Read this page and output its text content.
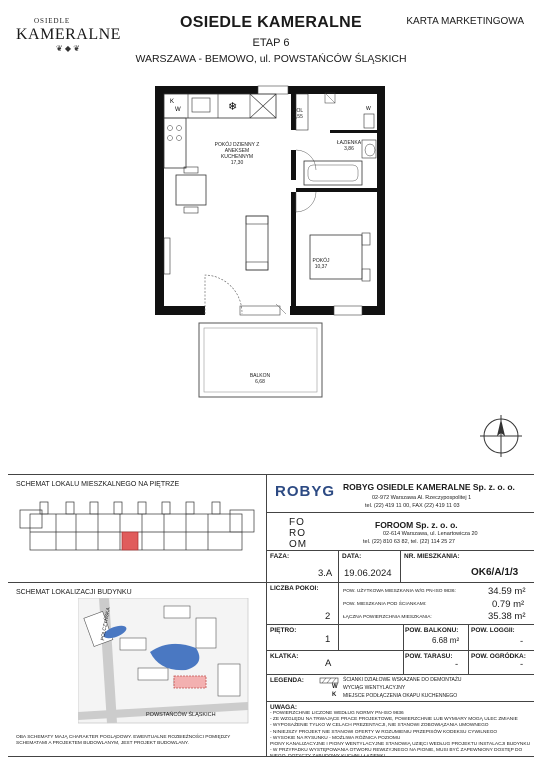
OSIEDLE
KAMERALNE
❦ ◆ ❦
OSIEDLE KAMERALNE	KARTA MARKETINGOWA
ETAP 6
WARSZAWA - BEMOWO, ul. POWSTAŃCÓW ŚLĄSKICH
K
W	❄	W
POKÓJ DZIENNY Z
ANEKSEM
KUCHENNYM
17,30
HOL
2,55
ŁAZIENKA
3,86
POKÓJ
10,37
BALKON
6,68
SCHEMAT LOKALU MIESZKALNEGO NA PIĘTRZE
SCHEMAT LOKALIZACJI BUDYNKU
POLCZYŃSKA
POWSTAŃCÓW ŚLĄSKICH
OBA SCHEMATY MAJĄ CHARAKTER POGLĄDOWY. EWENTUALNE ROZBIEŻNOŚCI POMIĘDZY SCHEMATAMI A PROJEKTEM BUDOWLANYM, JEST PROJEKT BUDOWLANY.
ROBYG ROBYG OSIEDLE KAMERALNE Sp. z. o. o.
02-972 Warszawa Al. Rzeczypospolitej 1
tel. (22) 419 11 00, FAX (22) 419 11 03
FO
RO
OM
FOROOM Sp. z. o. o.
02-614 Warszawa, ul. Lenartowicza 20
tel. (22) 810 63 82, tel. (22) 114 25 27
FAZA:
3.A
DATA:
19.06.2024
NR. MIESZKANIA:
OK6/A/1/3
LICZBA POKOI:
2
POW. UŻYTKOWA MIESZKANIA W/G PN-ISO 9836:	34.59 m²
POW. MIESZKANIA POD ŚCIANKAMI:	0.79 m²
ŁĄCZNA POWIERZCHNIA MIESZKANIA:	35.38 m²
PIĘTRO:
1
POW. BALKONU:
6.68 m²
POW. LOGGII:
-
KLATKA:
A
POW. TARASU:
-
POW. OGRÓDKA:
-
LEGENDA:
W
K
ŚCIANKI DZIAŁOWE WSKAZANE DO DEMONTAŻU
WYCIĄG WENTYLACYJNY
MIEJSCE PODŁĄCZENIA OKAPU KUCHENNEGO
UWAGA:
- POWIERZCHNIE LICZONE WEDŁUG NORMY PN-ISO 9836
- ZE WZGLĘDU NA TRWAJĄCE PRACE PROJEKTOWE, POWIERZCHNIE LUB WYMIARY MOGĄ ULEC ZMIANIE
- WYPOSAŻENIE TYLKO W CELACH PREZENTACJI, NIE STANOWI ZOBOWIĄZANIA UMOWNEGO
- NINIEJSZY PROJEKT NIE STANOWI OFERTY W ROZUMIENIU PRZEPISÓW KODEKSU CYWILNEGO
- WYSOKIE NA RYSUNKU - MOŻLIWA RÓŻNICA POZIOMU
PIONY KANALIZACYJNE I PIONY WENTYLACYJNE STANOWIĄ UZIĘCI WEDŁUG PROJEKTU INSTALACJI BUDYNKU
- W PRZYPADKU WYSTĘPOWANIA OTWORU REWIZYJNEGO NA PIONIE, MUSI BYĆ ZAPEWNIONY DOSTĘP DO
NIEGO. DOTYCZY ZABUDOWY KUCHNI I ŁAZIENKI
